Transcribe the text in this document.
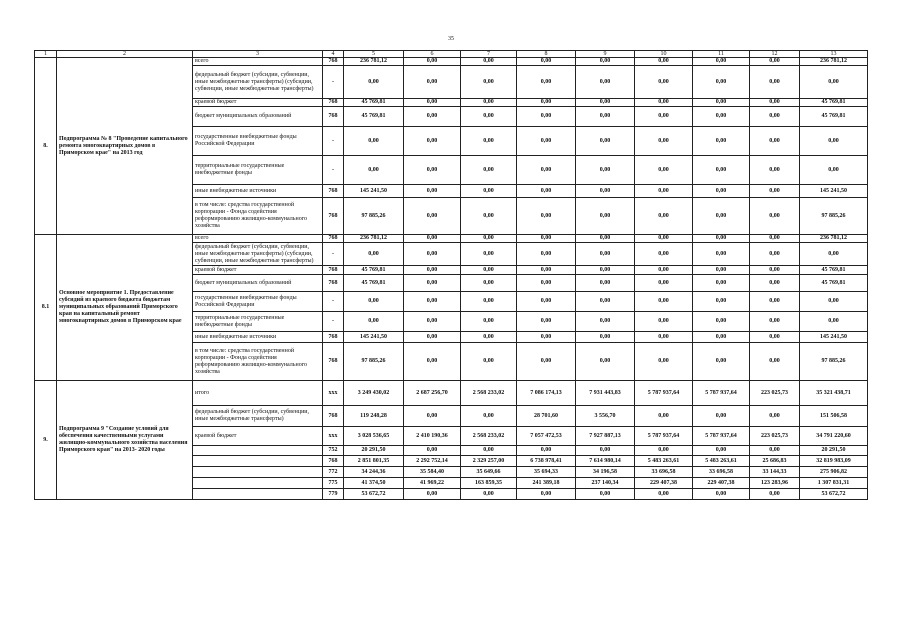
35
1	2	3	4	5	6	7	8	9	10	11	12	13
8.	Подпрограмма № 8 "Проведение капитального ремонта многоквартирных домов в Приморском крае" на 2013 год	всего	768	236 781,12	0,00	0,00	0,00	0,00	0,00	0,00	0,00	236 781,12
		федеральный бюджет (субсидии, субвенции, иные межбюджетные трансферты) (субсидии, субвенции, иные межбюджетные трансферты)	-	0,00	0,00	0,00	0,00	0,00	0,00	0,00	0,00	0,00
		краевой бюджет	768	45 769,81	0,00	0,00	0,00	0,00	0,00	0,00	0,00	45 769,81
		бюджет муниципальных образований	768	45 769,81	0,00	0,00	0,00	0,00	0,00	0,00	0,00	45 769,81
		государственные внебюджетные фонды Российской Федерации	-	0,00	0,00	0,00	0,00	0,00	0,00	0,00	0,00	0,00
		территориальные государственные внебюджетные фонды	-	0,00	0,00	0,00	0,00	0,00	0,00	0,00	0,00	0,00
		иные внебюджетные источники	768	145 241,50	0,00	0,00	0,00	0,00	0,00	0,00	0,00	145 241,50
		в том числе: средства государственной корпорации - Фонда содействия реформированию жилищно-коммунального хозяйства	768	97 885,26	0,00	0,00	0,00	0,00	0,00	0,00	0,00	97 885,26
8.1	Основное мероприятие 1. Предоставление субсидий из краевого бюджета бюджетам муниципальных образований Приморского края на капитальный ремонт многоквартирных домов в Приморском крае	всего	768	236 781,12	0,00	0,00	0,00	0,00	0,00	0,00	0,00	236 781,12
		федеральный бюджет (субсидии, субвенции, иные межбюджетные трансферты) (субсидии, субвенции, иные межбюджетные трансферты)	-	0,00	0,00	0,00	0,00	0,00	0,00	0,00	0,00	0,00
		краевой бюджет	768	45 769,81	0,00	0,00	0,00	0,00	0,00	0,00	0,00	45 769,81
		бюджет муниципальных образований	768	45 769,81	0,00	0,00	0,00	0,00	0,00	0,00	0,00	45 769,81
		государственные внебюджетные фонды Российской Федерации	-	0,00	0,00	0,00	0,00	0,00	0,00	0,00	0,00	0,00
		территориальные государственные внебюджетные фонды	-	0,00	0,00	0,00	0,00	0,00	0,00	0,00	0,00	0,00
		иные внебюджетные источники	768	145 241,50	0,00	0,00	0,00	0,00	0,00	0,00	0,00	145 241,50
		в том числе: средства государственной корпорации - Фонда содействия реформированию жилищно-коммунального хозяйства	768	97 885,26	0,00	0,00	0,00	0,00	0,00	0,00	0,00	97 885,26
9.	Подпрограмма 9 "Создание условий для обеспечения качественными услугами жилищно-коммунального хозяйства населения Приморского края" на 2013- 2020 годы	итого	xxx	3 249 430,02	2 687 256,70	2 568 233,02	7 086 174,13	7 931 443,83	5 787 937,64	5 787 937,64	223 025,73	35 321 438,71
		федеральный бюджет (субсидии, субвенции, иные межбюджетные трансферты)	768	119 248,28	0,00	0,00	28 701,60	3 556,70	0,00	0,00	0,00	151 506,58
		краевой бюджет	xxx	3 028 536,65	2 410 190,36	2 568 233,02	7 057 472,53	7 927 887,13	5 787 937,64	5 787 937,64	223 025,73	34 791 220,60
			752	20 291,50	0,00	0,00	0,00	0,00	0,00	0,00	0,00	20 291,50
			768	2 851 801,35	2 292 752,14	2 329 257,00	6 738 978,41	7 614 980,14	5 483 263,61	5 483 263,61	25 686,83	32 819 983,09
			772	34 244,36	35 584,40	35 649,66	35 694,33	34 196,58	33 696,58	33 696,58	33 144,33	275 906,82
			775	41 374,50	41 969,22	163 859,35	241 389,18	237 140,34	229 407,38	229 407,38	123 283,96	1 307 831,31
			779	53 672,72	0,00	0,00	0,00	0,00	0,00	0,00	0,00	53 672,72
